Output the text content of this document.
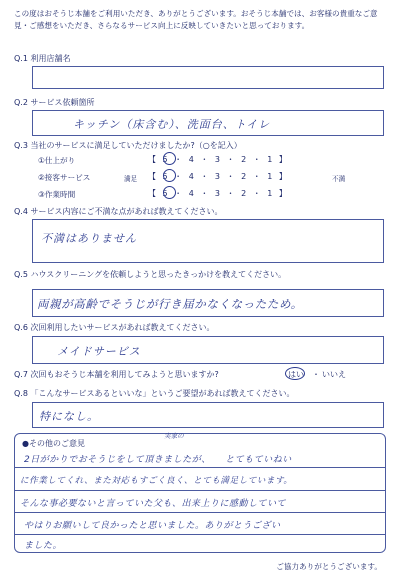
この度はおそうじ本舗をご利用いただき、ありがとうございます。おそうじ本舗では、お客様の貴重なご意見・ご感想をいただき、さらなるサービス向上に反映していきたいと思っております。
Q.1 利用店舗名
Q.2 サービス依頼箇所
キッチン（床含む）、洗面台、トイレ
Q.3 当社のサービスに満足していただけましたか?（○を記入）
①仕上がり	【 5 ・ 4 ・ 3 ・ 2 ・ 1 】
②接客サービス	満足 【 5 ・ 4 ・ 3 ・ 2 ・ 1 】	不満
③作業時間	【 5 ・ 4 ・ 3 ・ 2 ・ 1 】
Q.4 サービス内容にご不満な点があれば教えてください。
不満はありません
Q.5 ハウスクリーニングを依頼しようと思ったきっかけを教えてください。
両親が高齢でそうじが行き届かなくなったため。
Q.6 次回利用したいサービスがあれば教えてください。
メイドサービス
Q.7 次回もおそうじ本舗を利用してみようと思いますか?	はい ・ いいえ
Q.8 「こんなサービスあるといいな」というご要望があれば教えてください。
特になし。
●その他のご意見
実家の
2日がかりでおそうじをして頂きましたが、　　とてもていねい
に作業してくれ、また対応もすごく良く、とても満足しています。
そんな事必要ないと言っていた父も、出来上りに感動していて
やはりお願いして良かったと思いました。ありがとうござい
ました。
ご協力ありがとうございます。
